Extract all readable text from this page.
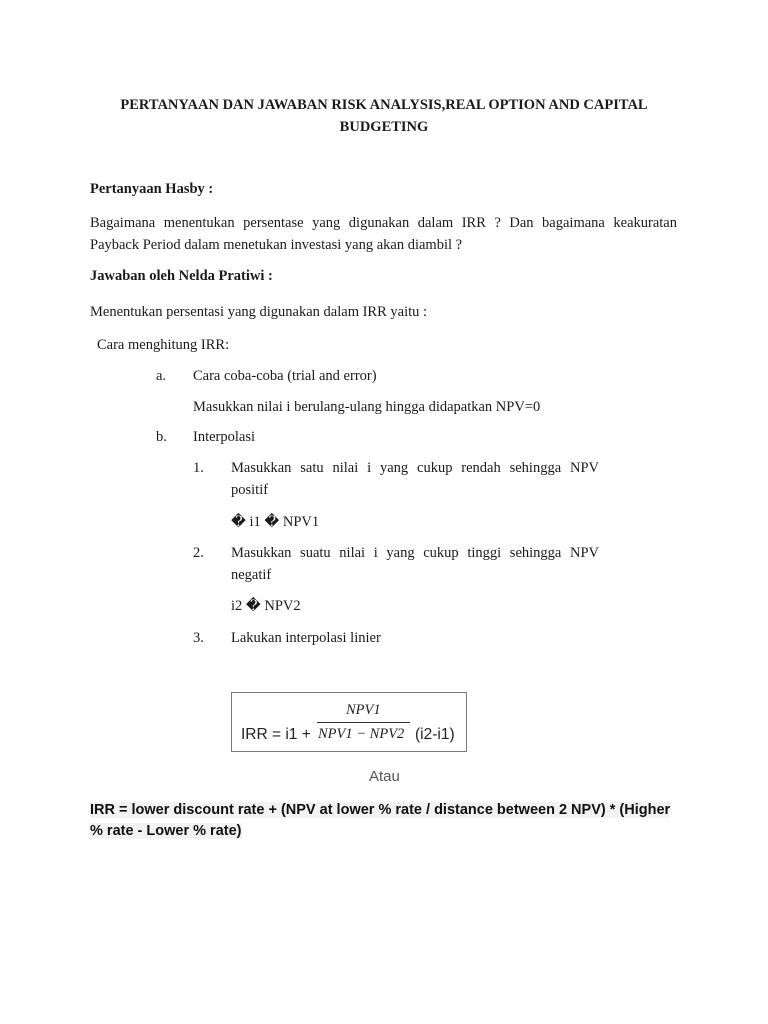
PERTANYAAN DAN JAWABAN RISK ANALYSIS,REAL OPTION AND CAPITAL
BUDGETING
Pertanyaan Hasby :
Bagaimana menentukan persentase yang digunakan dalam IRR ? Dan bagaimana keakuratan
Payback Period dalam menetukan investasi yang akan diambil ?
Jawaban oleh Nelda Pratiwi :
Menentukan persentasi yang digunakan dalam IRR yaitu :
Cara menghitung IRR:
a. Cara coba-coba (trial and error)
Masukkan nilai i berulang-ulang hingga didapatkan NPV=0
b. Interpolasi
1. Masukkan satu nilai i yang cukup rendah sehingga NPV
positif
� i1 � NPV1
2. Masukkan suatu nilai i yang cukup tinggi sehingga NPV
negatif
i2 � NPV2
3. Lakukan interpolasi linier
IRR = i1 +
NPV1
NPV1 − NPV2 (i2-i1)
Atau
IRR = lower discount rate + (NPV at lower % rate / distance between 2 NPV) * (Higher
% rate - Lower % rate)
